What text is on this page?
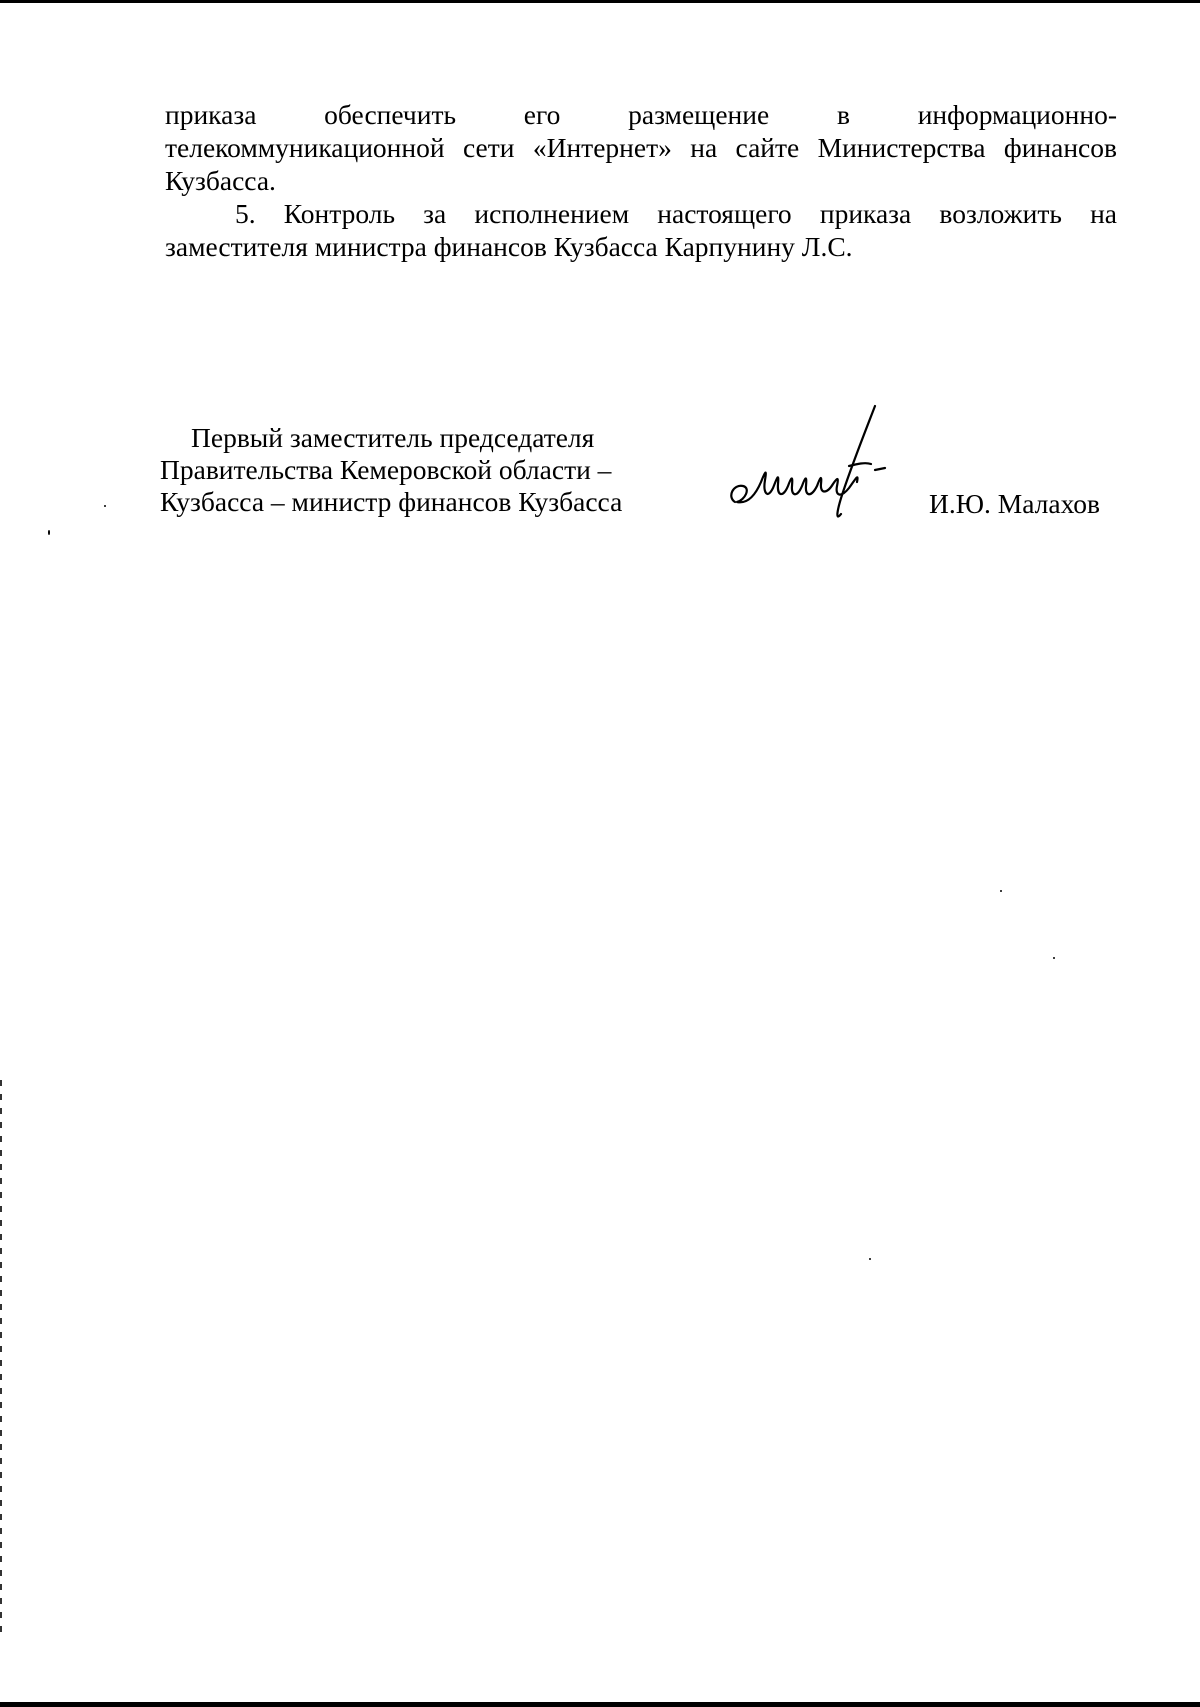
приказа обеспечить его размещение в информационно-
телекоммуникационной сети «Интернет» на сайте Министерства финансов Кузбасса.

5. Контроль за исполнением настоящего приказа возложить на заместителя министра финансов Кузбасса Карпунину Л.С.

Первый заместитель председателя
Правительства Кемеровской области –
Кузбасса – министр финансов Кузбасса	И.Ю. Малахов
